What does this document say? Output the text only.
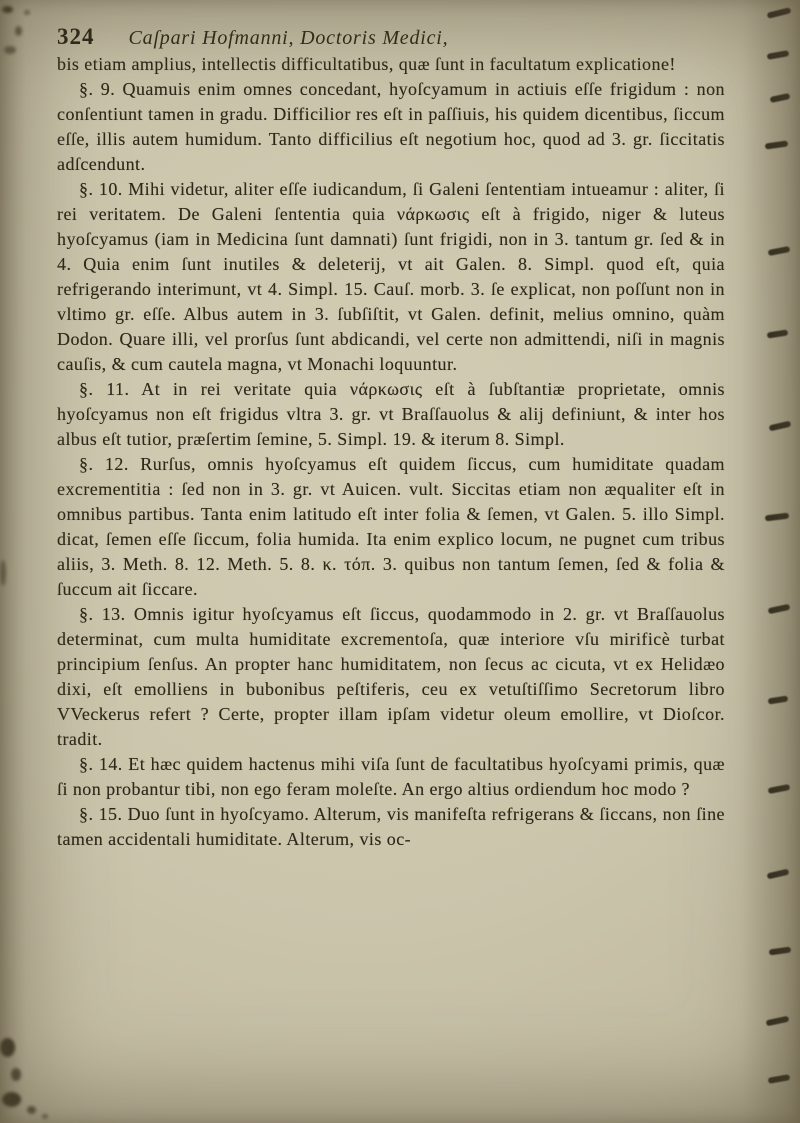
324 Caſpari Hofmanni, Doctoris Medici,

bis etiam amplius, intellectis difficultatibus, quæ ſunt in facultatum explicatione!

§. 9. Quamuis enim omnes concedant, hyoſcyamum in actiuis eſſe frigidum : non conſentiunt tamen in gradu. Difficilior res eſt in paſſiuis, his quidem dicentibus, ſiccum eſſe, illis autem humidum. Tanto difficilius eſt negotium hoc, quod ad 3. gr. ſiccitatis adſcendunt.

§. 10. Mihi videtur, aliter eſſe iudicandum, ſi Galeni ſententiam intueamur : aliter, ſi rei veritatem. De Galeni ſententia quia νάρκωσις eſt à frigido, niger & luteus hyoſcyamus (iam in Medicina ſunt damnati) ſunt frigidi, non in 3. tantum gr. ſed & in 4. Quia enim ſunt inutiles & deleterij, vt ait Galen. 8. Simpl. quod eſt, quia refrigerando interimunt, vt 4. Simpl. 15. Cauſ. morb. 3. ſe explicat, non poſſunt non in vltimo gr. eſſe. Albus autem in 3. ſubſiſtit, vt Galen. definit, melius omnino, quàm Dodon. Quare illi, vel prorſus ſunt abdicandi, vel certe non admittendi, niſi in magnis cauſis, & cum cautela magna, vt Monachi loquuntur.

§. 11. At in rei veritate quia νάρκωσις eſt à ſubſtantiæ proprietate, omnis hyoſcyamus non eſt frigidus vltra 3. gr. vt Braſſauolus & alij definiunt, & inter hos albus eſt tutior, præſertim ſemine, 5. Simpl. 19. & iterum 8. Simpl.

§. 12. Rurſus, omnis hyoſcyamus eſt quidem ſiccus, cum humiditate quadam excrementitia : ſed non in 3. gr. vt Auicen. vult. Siccitas etiam non æqualiter eſt in omnibus partibus. Tanta enim latitudo eſt inter folia & ſemen, vt Galen. 5. illo Simpl. dicat, ſemen eſſe ſiccum, folia humida. Ita enim explico locum, ne pugnet cum tribus aliis, 3. Meth. 8. 12. Meth. 5. 8. κ. τόπ. 3. quibus non tantum ſemen, ſed & folia & ſuccum ait ſiccare.

§. 13. Omnis igitur hyoſcyamus eſt ſiccus, quodammodo in 2. gr. vt Braſſauolus determinat, cum multa humiditate excrementoſa, quæ interiore vſu mirificè turbat principium ſenſus. An propter hanc humiditatem, non ſecus ac cicuta, vt ex Helidæo dixi, eſt emolliens in bubonibus peſtiferis, ceu ex vetuſtiſſimo Secretorum libro VVeckerus refert ? Certe, propter illam ipſam videtur oleum emollire, vt Dioſcor. tradit.

§. 14. Et hæc quidem hactenus mihi viſa ſunt de facultatibus hyoſcyami primis, quæ ſi non probantur tibi, non ego feram moleſte. An ergo altius ordiendum hoc modo ?

§. 15. Duo ſunt in hyoſcyamo. Alterum, vis manifeſta refrigerans & ſiccans, non ſine tamen accidentali humiditate. Alterum, vis oc-
